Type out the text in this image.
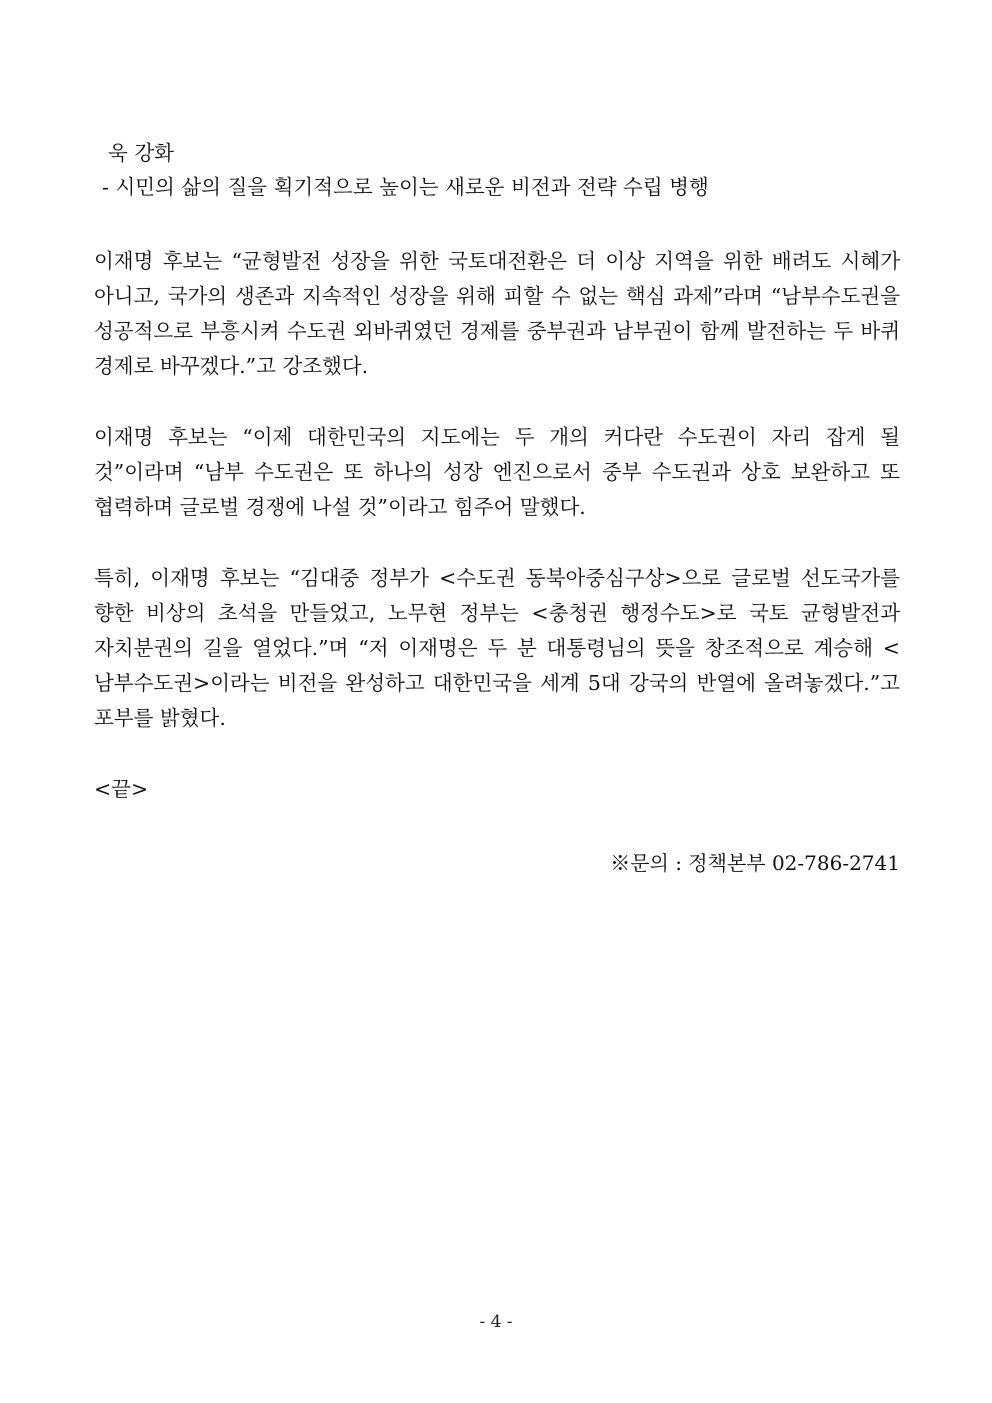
욱 강화
- 시민의 삶의 질을 획기적으로 높이는 새로운 비전과 전략 수립 병행

이재명 후보는 “균형발전 성장을 위한 국토대전환은 더 이상 지역을 위한 배려도 시혜가 아니고, 국가의 생존과 지속적인 성장을 위해 피할 수 없는 핵심 과제”라며 “남부수도권을 성공적으로 부흥시켜 수도권 외바퀴였던 경제를 중부권과 남부권이 함께 발전하는 두 바퀴 경제로 바꾸겠다.”고 강조했다.

이재명 후보는 “이제 대한민국의 지도에는 두 개의 커다란 수도권이 자리 잡게 될 것”이라며 “남부 수도권은 또 하나의 성장 엔진으로서 중부 수도권과 상호 보완하고 또 협력하며 글로벌 경쟁에 나설 것”이라고 힘주어 말했다.

특히, 이재명 후보는 “김대중 정부가 <수도권 동북아중심구상>으로 글로벌 선도국가를 향한 비상의 초석을 만들었고, 노무현 정부는 <충청권 행정수도>로 국토 균형발전과 자치분권의 길을 열었다.”며 “저 이재명은 두 분 대통령님의 뜻을 창조적으로 계승해 <남부수도권>이라는 비전을 완성하고 대한민국을 세계 5대 강국의 반열에 올려놓겠다.”고 포부를 밝혔다.

<끝>
※문의 : 정책본부 02-786-2741
- 4 -
